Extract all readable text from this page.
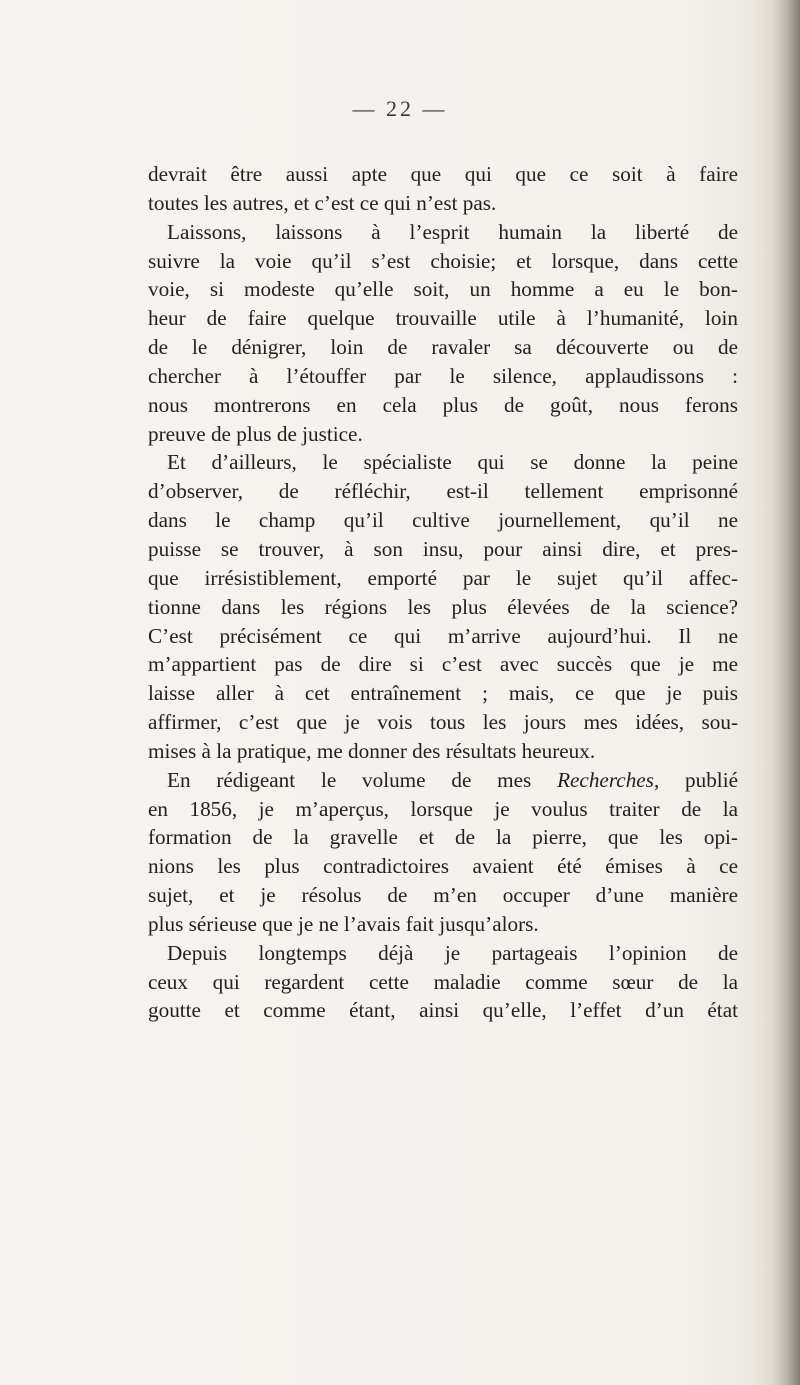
— 22 —
devrait être aussi apte que qui que ce soit à faire
toutes les autres, et c’est ce qui n’est pas.
Laissons, laissons à l’esprit humain la liberté de
suivre la voie qu’il s’est choisie; et lorsque, dans cette
voie, si modeste qu’elle soit, un homme a eu le bon-
heur de faire quelque trouvaille utile à l’humanité, loin
de le dénigrer, loin de ravaler sa découverte ou de
chercher à l’étouffer par le silence, applaudissons :
nous montrerons en cela plus de goût, nous ferons
preuve de plus de justice.
Et d’ailleurs, le spécialiste qui se donne la peine
d’observer, de réfléchir, est-il tellement emprisonné
dans le champ qu’il cultive journellement, qu’il ne
puisse se trouver, à son insu, pour ainsi dire, et pres-
que irrésistiblement, emporté par le sujet qu’il affec-
tionne dans les régions les plus élevées de la science?
C’est précisément ce qui m’arrive aujourd’hui. Il ne
m’appartient pas de dire si c’est avec succès que je me
laisse aller à cet entraînement ; mais, ce que je puis
affirmer, c’est que je vois tous les jours mes idées, sou-
mises à la pratique, me donner des résultats heureux.
En rédigeant le volume de mes Recherches, publié
en 1856, je m’aperçus, lorsque je voulus traiter de la
formation de la gravelle et de la pierre, que les opi-
nions les plus contradictoires avaient été émises à ce
sujet, et je résolus de m’en occuper d’une manière
plus sérieuse que je ne l’avais fait jusqu’alors.
Depuis longtemps déjà je partageais l’opinion de
ceux qui regardent cette maladie comme sœur de la
goutte et comme étant, ainsi qu’elle, l’effet d’un état
